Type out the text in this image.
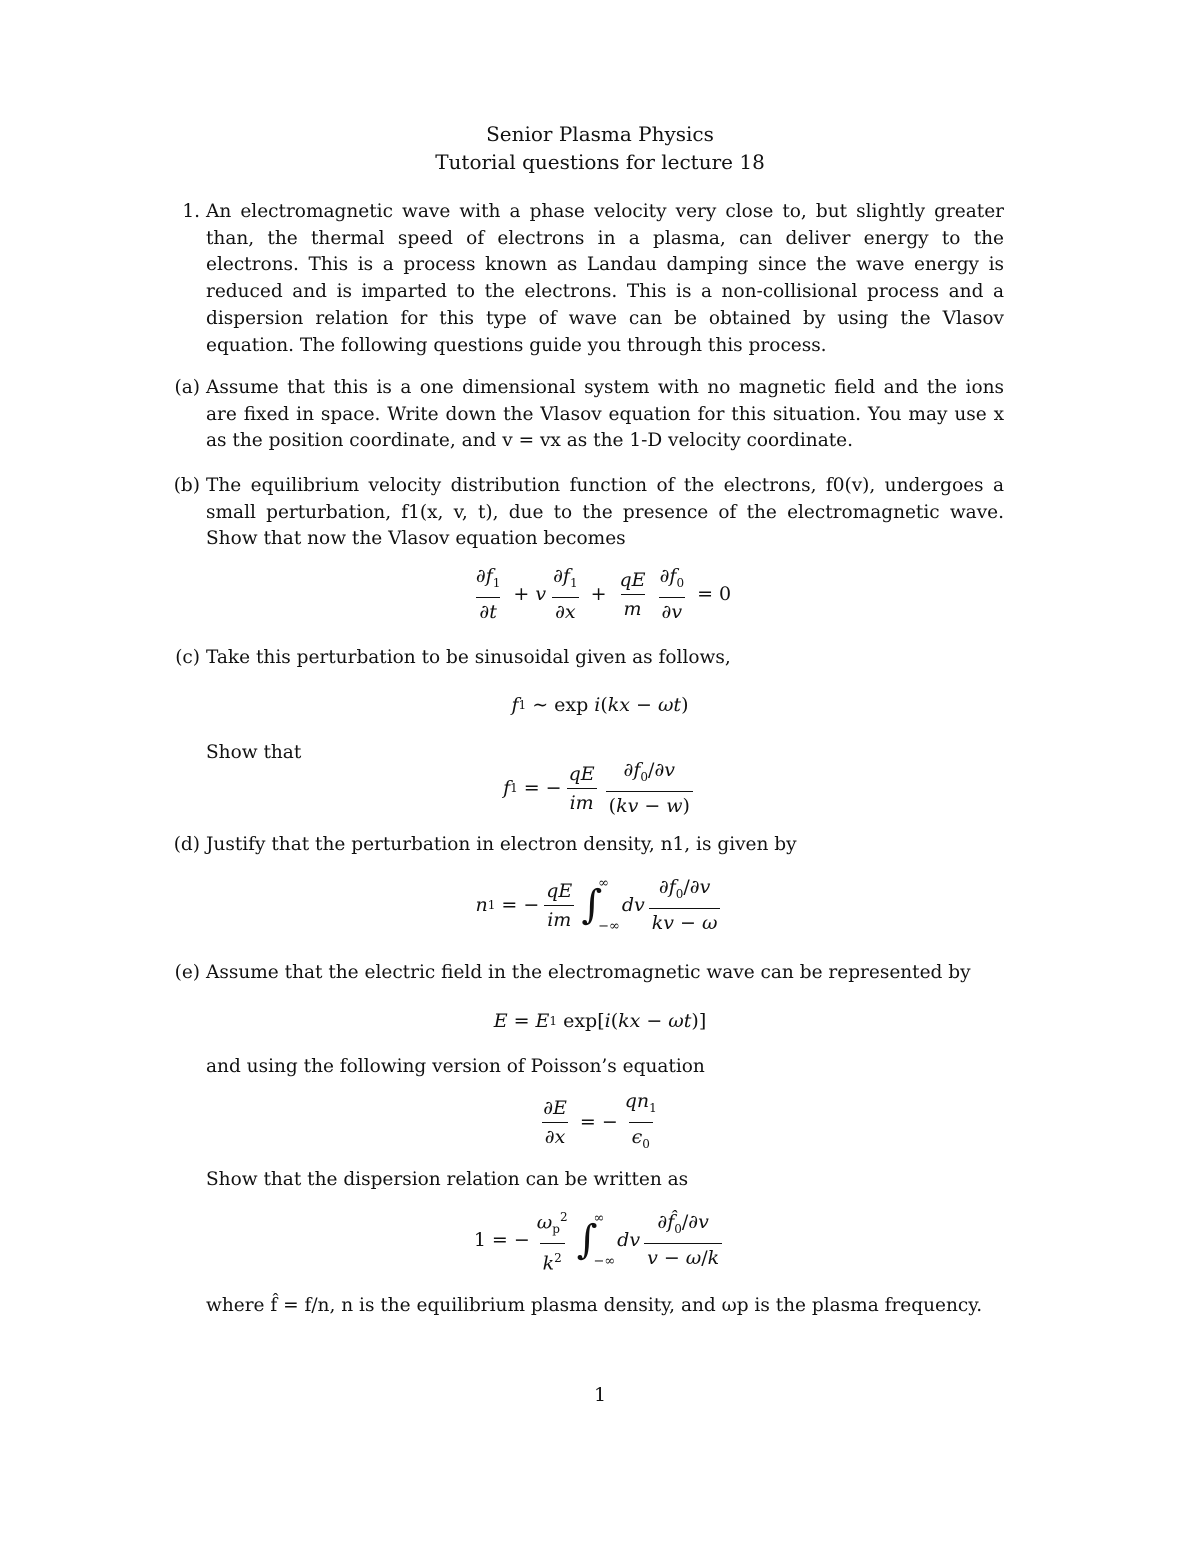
Senior Plasma Physics
Tutorial questions for lecture 18
1. An electromagnetic wave with a phase velocity very close to, but slightly greater than, the thermal speed of electrons in a plasma, can deliver energy to the electrons. This is a process known as Landau damping since the wave energy is reduced and is imparted to the electrons. This is a non-collisional process and a dispersion relation for this type of wave can be obtained by using the Vlasov equation. The following questions guide you through this process.
(a) Assume that this is a one dimensional system with no magnetic field and the ions are fixed in space. Write down the Vlasov equation for this situation. You may use x as the position coordinate, and v = vx as the 1-D velocity coordinate.
(b) The equilibrium velocity distribution function of the electrons, f0(v), undergoes a small perturbation, f1(x, v, t), due to the presence of the electromagnetic wave. Show that now the Vlasov equation becomes
$\frac{\partial f_1}{\partial t} + v \frac{\partial f_1}{\partial x} + \frac{qE}{m} \frac{\partial f_0}{\partial v} = 0$
(c) Take this perturbation to be sinusoidal given as follows,
f 1 ∼ exp i ( kx − ωt )
Show that
f 1 = − $\frac{qE}{im} \frac{\partial f_0/\partial v}{(kv - w)}$
(d) Justify that the perturbation in electron density, n1, is given by
n 1 = − $\frac{qE}{im}$ ∫
∞
−∞
dv $\frac{\partial f_0/\partial v}{kv - \omega}$
(e) Assume that the electric field in the electromagnetic wave can be represented by
E = E 1 exp[ i ( kx − ωt )]
and using the following version of Poisson’s equation
$\frac{\partial E}{\partial x}$ = − $\frac{qn_1}{\epsilon_0}$
Show that the dispersion relation can be written as
1 = − $\frac{\omega_p^2}{k^2}$ ∫
∞
−∞
dv $\frac{\partial f̂_0/\partial v}{v - \omega/k}$
where f̂ = f/n, n is the equilibrium plasma density, and ωp is the plasma frequency.
1
